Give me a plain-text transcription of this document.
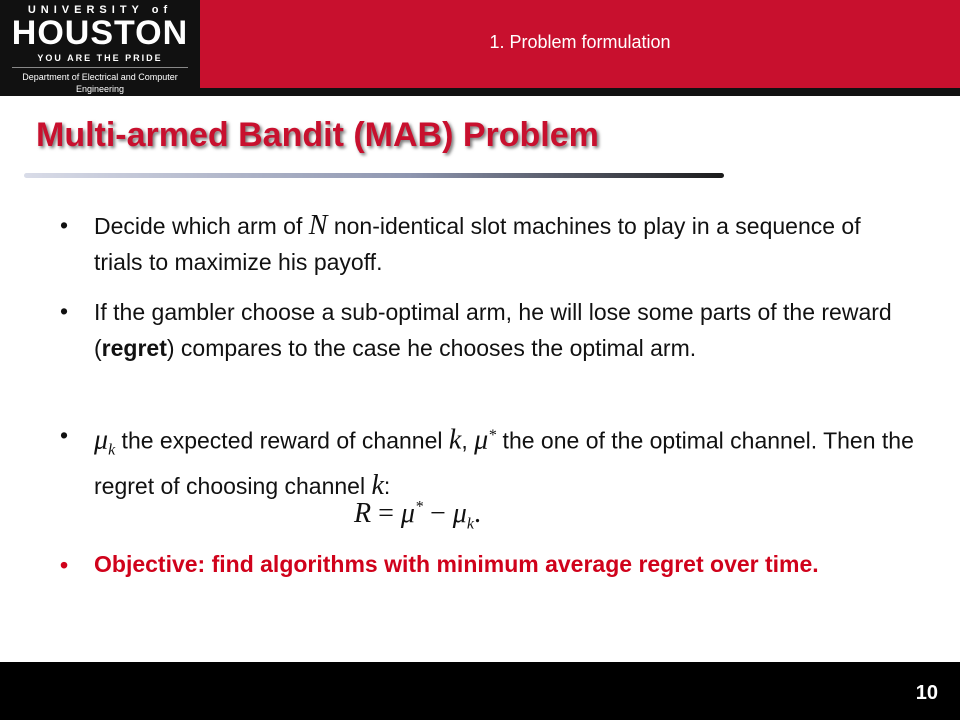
UNIVERSITY of
HOUSTON
YOU ARE THE PRIDE
Department of Electrical and Computer Engineering
1. Problem formulation
Multi-armed Bandit (MAB) Problem
• Decide which arm of N non-identical slot machines to play in a sequence of trials to maximize his payoff.
• If the gambler choose a sub-optimal arm, he will lose some parts of the reward (regret) compares to the case he chooses the optimal arm.
• $\mu_k$ the expected reward of channel k, μ* the one of the optimal channel. Then the regret of choosing channel k:
$R = \mu^* - \mu_k$.
• Objective: find algorithms with minimum average regret over time.
10
